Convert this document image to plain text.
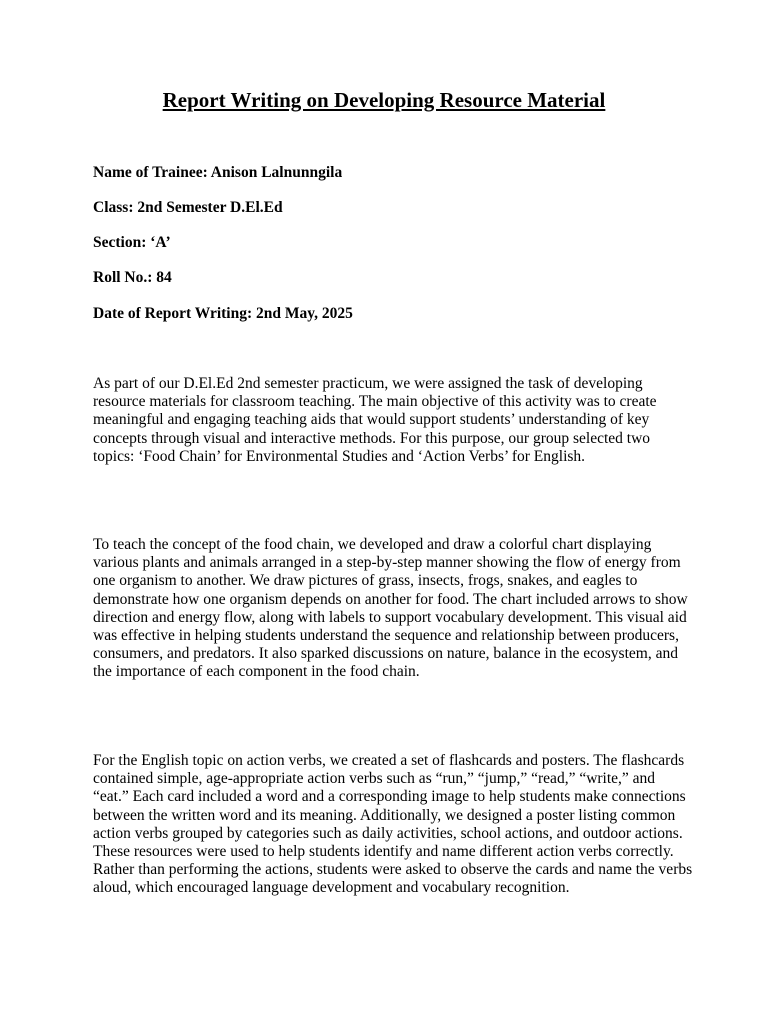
Report Writing on Developing Resource Material

Name of Trainee: Anison Lalnunngila

Class: 2nd Semester D.El.Ed

Section: ‘A’

Roll No.: 84

Date of Report Writing: 2nd May, 2025

As part of our D.El.Ed 2nd semester practicum, we were assigned the task of developing resource materials for classroom teaching. The main objective of this activity was to create meaningful and engaging teaching aids that would support students’ understanding of key concepts through visual and interactive methods. For this purpose, our group selected two topics: ‘Food Chain’ for Environmental Studies and ‘Action Verbs’ for English.

To teach the concept of the food chain, we developed and draw a colorful chart displaying various plants and animals arranged in a step-by-step manner showing the flow of energy from one organism to another. We draw pictures of grass, insects, frogs, snakes, and eagles to demonstrate how one organism depends on another for food. The chart included arrows to show direction and energy flow, along with labels to support vocabulary development. This visual aid was effective in helping students understand the sequence and relationship between producers, consumers, and predators. It also sparked discussions on nature, balance in the ecosystem, and the importance of each component in the food chain.

For the English topic on action verbs, we created a set of flashcards and posters. The flashcards contained simple, age-appropriate action verbs such as “run,” “jump,” “read,” “write,” and “eat.” Each card included a word and a corresponding image to help students make connections between the written word and its meaning. Additionally, we designed a poster listing common action verbs grouped by categories such as daily activities, school actions, and outdoor actions. These resources were used to help students identify and name different action verbs correctly. Rather than performing the actions, students were asked to observe the cards and name the verbs aloud, which encouraged language development and vocabulary recognition.
